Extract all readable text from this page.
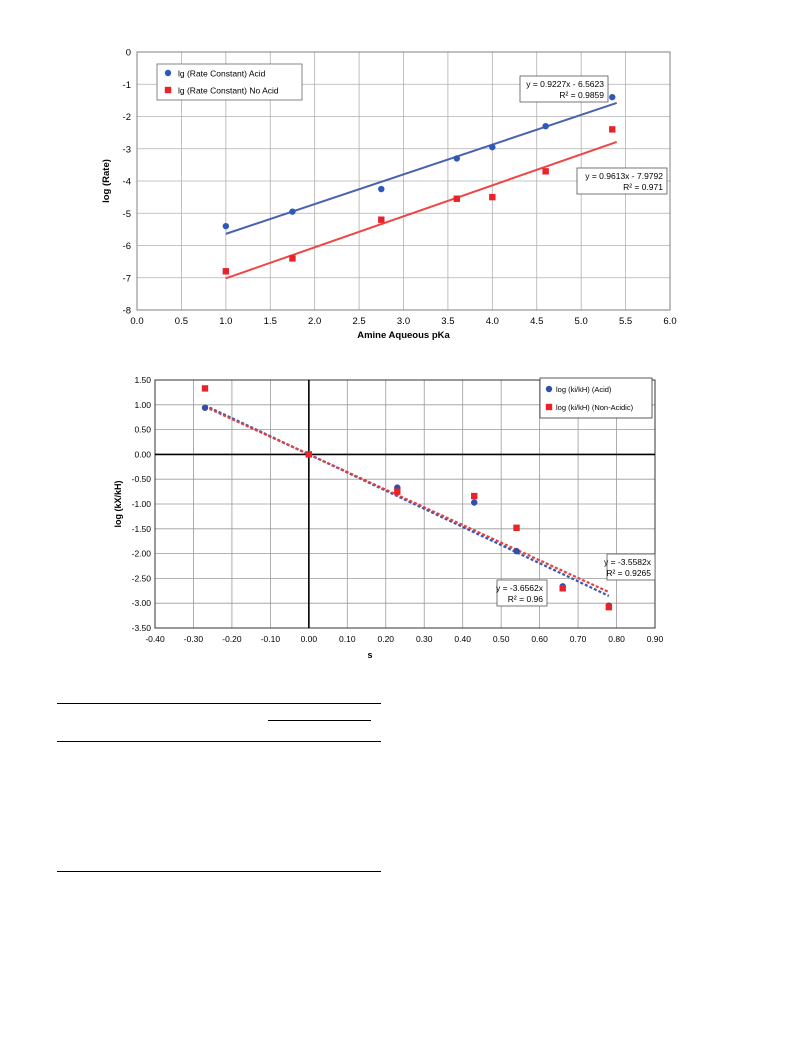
0.0	0.5	1.0	1.5	2.0	2.5	3.0	3.5	4.0	4.5	5.0	5.5	6.0
0
-1
-2
-3
-4
-5
-6
-7
-8
Amine Aqueous pKa
log (Rate)
lg (Rate Constant) Acid
lg (Rate Constant) No Acid
y = 0.9227x - 6.5623
R² = 0.9859
y = 0.9613x - 7.9792
R² = 0.971
-0.40 -0.30 -0.20 -0.10 0.00	0.10	0.20	0.30	0.40	0.50	0.60	0.70	0.80	0.90
1.50
1.00
0.50
0.00
-0.50
-1.00
-1.50
-2.00
-2.50
-3.00
-3.50
s
log (kX/kH)
log (ki/kH) (Acid)
log (ki/kH) (Non-Acidic)
y = -3.5582x
R² = 0.9265
y = -3.6562x
R² = 0.96
